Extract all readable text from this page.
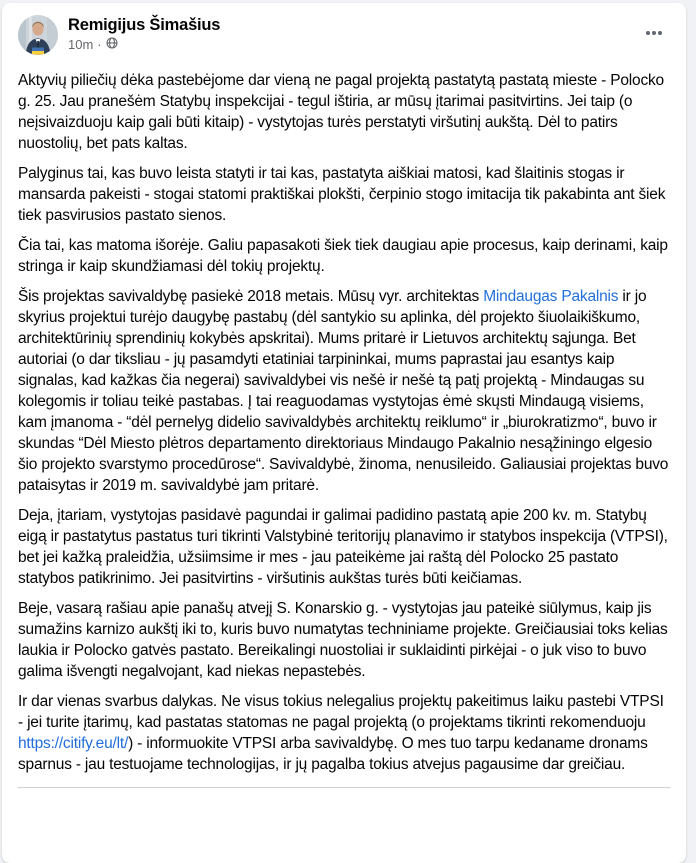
Remigijus Šimašius
10m ·

Aktyvių piliečių dėka pastebėjome dar vieną ne pagal projektą pastatytą pastatą mieste - Polocko g. 25. Jau pranešėm Statybų inspekcijai - tegul ištiria, ar mūsų įtarimai pasitvirtins. Jei taip (o neįsivaizduoju kaip gali būti kitaip) - vystytojas turės perstatyti viršutinį aukštą. Dėl to patirs nuostolių, bet pats kaltas.

Palyginus tai, kas buvo leista statyti ir tai kas, pastatyta aiškiai matosi, kad šlaitinis stogas ir mansarda pakeisti - stogai statomi praktiškai plokšti, čerpinio stogo imitacija tik pakabinta ant šiek tiek pasvirusios pastato sienos.

Čia tai, kas matoma išorėje. Galiu papasakoti šiek tiek daugiau apie procesus, kaip derinami, kaip stringa ir kaip skundžiamasi dėl tokių projektų.

Šis projektas savivaldybę pasiekė 2018 metais. Mūsų vyr. architektas Mindaugas Pakalnis ir jo skyrius projektui turėjo daugybę pastabų (dėl santykio su aplinka, dėl projekto šiuolaikiškumo, architektūrinių sprendinių kokybės apskritai). Mums pritarė ir Lietuvos architektų sąjunga. Bet autoriai (o dar tiksliau - jų pasamdyti etatiniai tarpininkai, mums paprastai jau esantys kaip signalas, kad kažkas čia negerai) savivaldybei vis nešė ir nešė tą patį projektą - Mindaugas su kolegomis ir toliau teikė pastabas. Į tai reaguodamas vystytojas ėmė skųsti Mindaugą visiems, kam įmanoma - “dėl pernelyg didelio savivaldybės architektų reiklumo“ ir „biurokratizmo“, buvo ir skundas “Dėl Miesto plėtros departamento direktoriaus Mindaugo Pakalnio nesąžiningo elgesio šio projekto svarstymo procedūrose“. Savivaldybė, žinoma, nenusileido. Galiausiai projektas buvo pataisytas ir 2019 m. savivaldybė jam pritarė.

Deja, įtariam, vystytojas pasidavė pagundai ir galimai padidino pastatą apie 200 kv. m. Statybų eigą ir pastatytus pastatus turi tikrinti Valstybinė teritorijų planavimo ir statybos inspekcija (VTPSI), bet jei kažką praleidžia, užsiimsime ir mes - jau pateikėme jai raštą dėl Polocko 25 pastato statybos patikrinimo. Jei pasitvirtins - viršutinis aukštas turės būti keičiamas.

Beje, vasarą rašiau apie panašų atvejį S. Konarskio g. - vystytojas jau pateikė siūlymus, kaip jis sumažins karnizo aukštį iki to, kuris buvo numatytas techniniame projekte. Greičiausiai toks kelias laukia ir Polocko gatvės pastato. Bereikalingi nuostoliai ir suklaidinti pirkėjai - o juk viso to buvo galima išvengti negalvojant, kad niekas nepastebės.

Ir dar vienas svarbus dalykas. Ne visus tokius nelegalius projektų pakeitimus laiku pastebi VTPSI - jei turite įtarimų, kad pastatas statomas ne pagal projektą (o projektams tikrinti rekomenduoju https://citify.eu/lt/) - informuokite VTPSI arba savivaldybę. O mes tuo tarpu kedaname dronams sparnus - jau testuojame technologijas, ir jų pagalba tokius atvejus pagausime dar greičiau.
